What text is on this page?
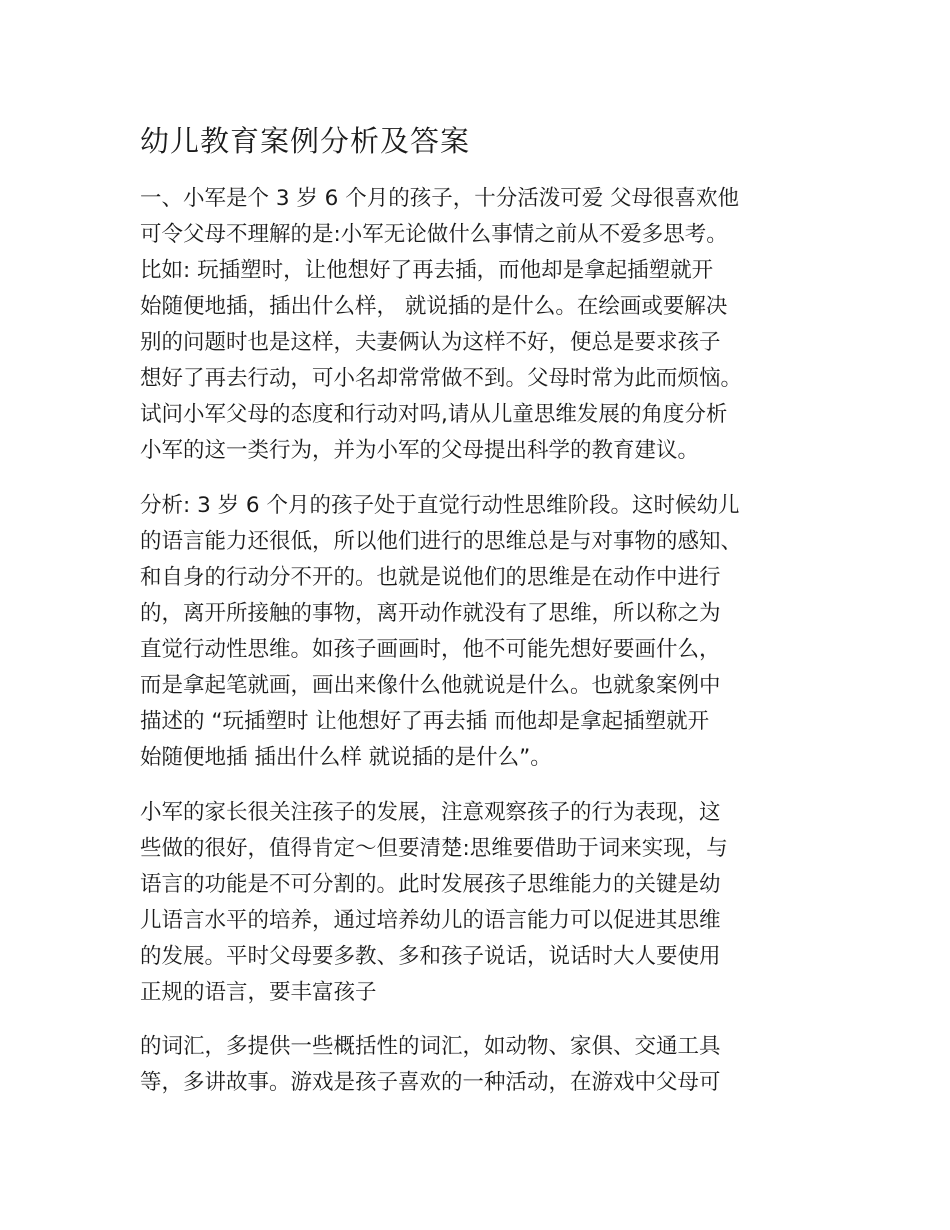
幼儿教育案例分析及答案
一、小军是个 3 岁 6 个月的孩子，十分活泼可爱 父母很喜欢他
可令父母不理解的是:小军无论做什么事情之前从不爱多思考。
比如: 玩插塑时，让他想好了再去插，而他却是拿起插塑就开
始随便地插，插出什么样， 就说插的是什么。在绘画或要解决
别的问题时也是这样，夫妻俩认为这样不好，便总是要求孩子
想好了再去行动，可小名却常常做不到。父母时常为此而烦恼。
试问小军父母的态度和行动对吗,请从儿童思维发展的角度分析
小军的这一类行为，并为小军的父母提出科学的教育建议。
分析: 3 岁 6 个月的孩子处于直觉行动性思维阶段。这时候幼儿
的语言能力还很低，所以他们进行的思维总是与对事物的感知、
和自身的行动分不开的。也就是说他们的思维是在动作中进行
的，离开所接触的事物，离开动作就没有了思维，所以称之为
直觉行动性思维。如孩子画画时，他不可能先想好要画什么，
而是拿起笔就画，画出来像什么他就说是什么。也就象案例中
描述的 “玩插塑时 让他想好了再去插 而他却是拿起插塑就开
始随便地插 插出什么样 就说插的是什么”。
小军的家长很关注孩子的发展，注意观察孩子的行为表现，这
些做的很好，值得肯定～但要清楚:思维要借助于词来实现，与
语言的功能是不可分割的。此时发展孩子思维能力的关键是幼
儿语言水平的培养，通过培养幼儿的语言能力可以促进其思维
的发展。平时父母要多教、多和孩子说话，说话时大人要使用
正规的语言，要丰富孩子
的词汇，多提供一些概括性的词汇，如动物、家俱、交通工具
等，多讲故事。游戏是孩子喜欢的一种活动，在游戏中父母可
